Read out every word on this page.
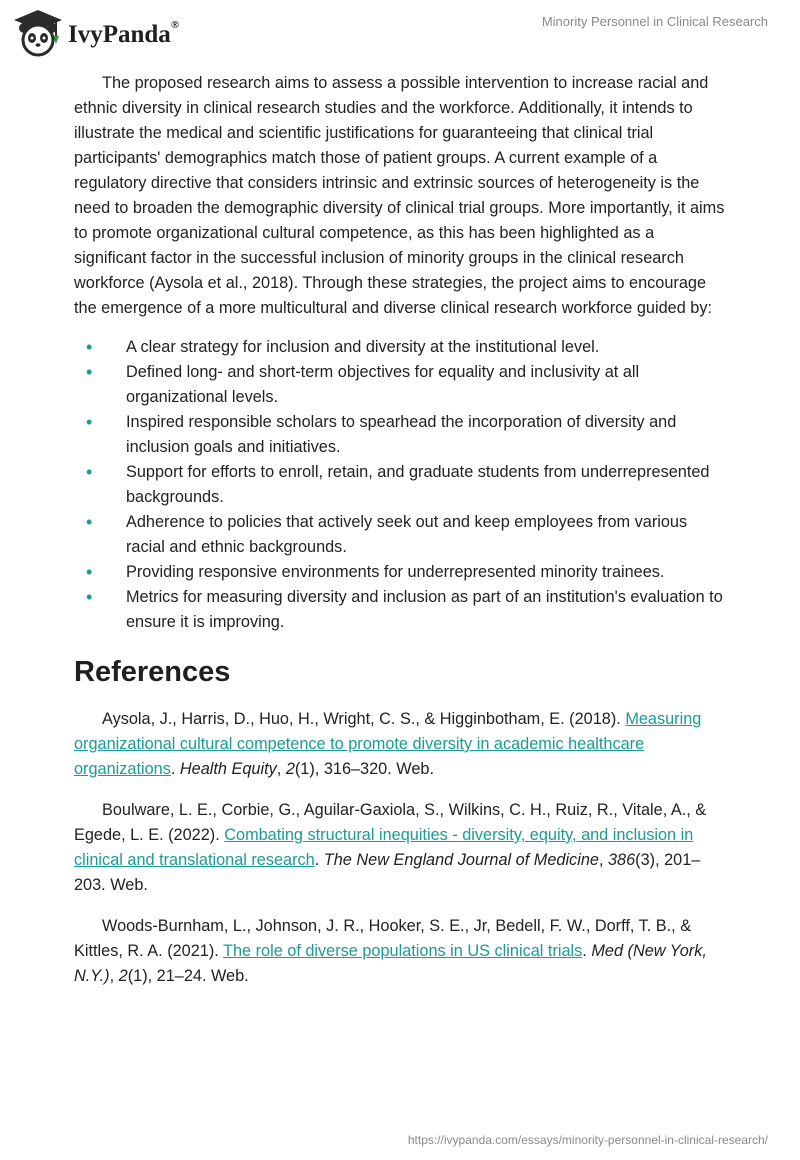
IvyPanda®	Minority Personnel in Clinical Research

The proposed research aims to assess a possible intervention to increase racial and ethnic diversity in clinical research studies and the workforce. Additionally, it intends to illustrate the medical and scientific justifications for guaranteeing that clinical trial participants' demographics match those of patient groups. A current example of a regulatory directive that considers intrinsic and extrinsic sources of heterogeneity is the need to broaden the demographic diversity of clinical trial groups. More importantly, it aims to promote organizational cultural competence, as this has been highlighted as a significant factor in the successful inclusion of minority groups in the clinical research workforce (Aysola et al., 2018). Through these strategies, the project aims to encourage the emergence of a more multicultural and diverse clinical research workforce guided by:

• A clear strategy for inclusion and diversity at the institutional level.
• Defined long- and short-term objectives for equality and inclusivity at all organizational levels.
• Inspired responsible scholars to spearhead the incorporation of diversity and inclusion goals and initiatives.
• Support for efforts to enroll, retain, and graduate students from underrepresented backgrounds.
• Adherence to policies that actively seek out and keep employees from various racial and ethnic backgrounds.
• Providing responsive environments for underrepresented minority trainees.
• Metrics for measuring diversity and inclusion as part of an institution's evaluation to ensure it is improving.
References

Aysola, J., Harris, D., Huo, H., Wright, C. S., & Higginbotham, E. (2018). Measuring organizational cultural competence to promote diversity in academic healthcare organizations. Health Equity, 2(1), 316–320. Web.

Boulware, L. E., Corbie, G., Aguilar-Gaxiola, S., Wilkins, C. H., Ruiz, R., Vitale, A., & Egede, L. E. (2022). Combating structural inequities - diversity, equity, and inclusion in clinical and translational research. The New England Journal of Medicine, 386(3), 201–203. Web.

Woods-Burnham, L., Johnson, J. R., Hooker, S. E., Jr, Bedell, F. W., Dorff, T. B., & Kittles, R. A. (2021). The role of diverse populations in US clinical trials. Med (New York, N.Y.), 2(1), 21–24. Web.

https://ivypanda.com/essays/minority-personnel-in-clinical-research/
